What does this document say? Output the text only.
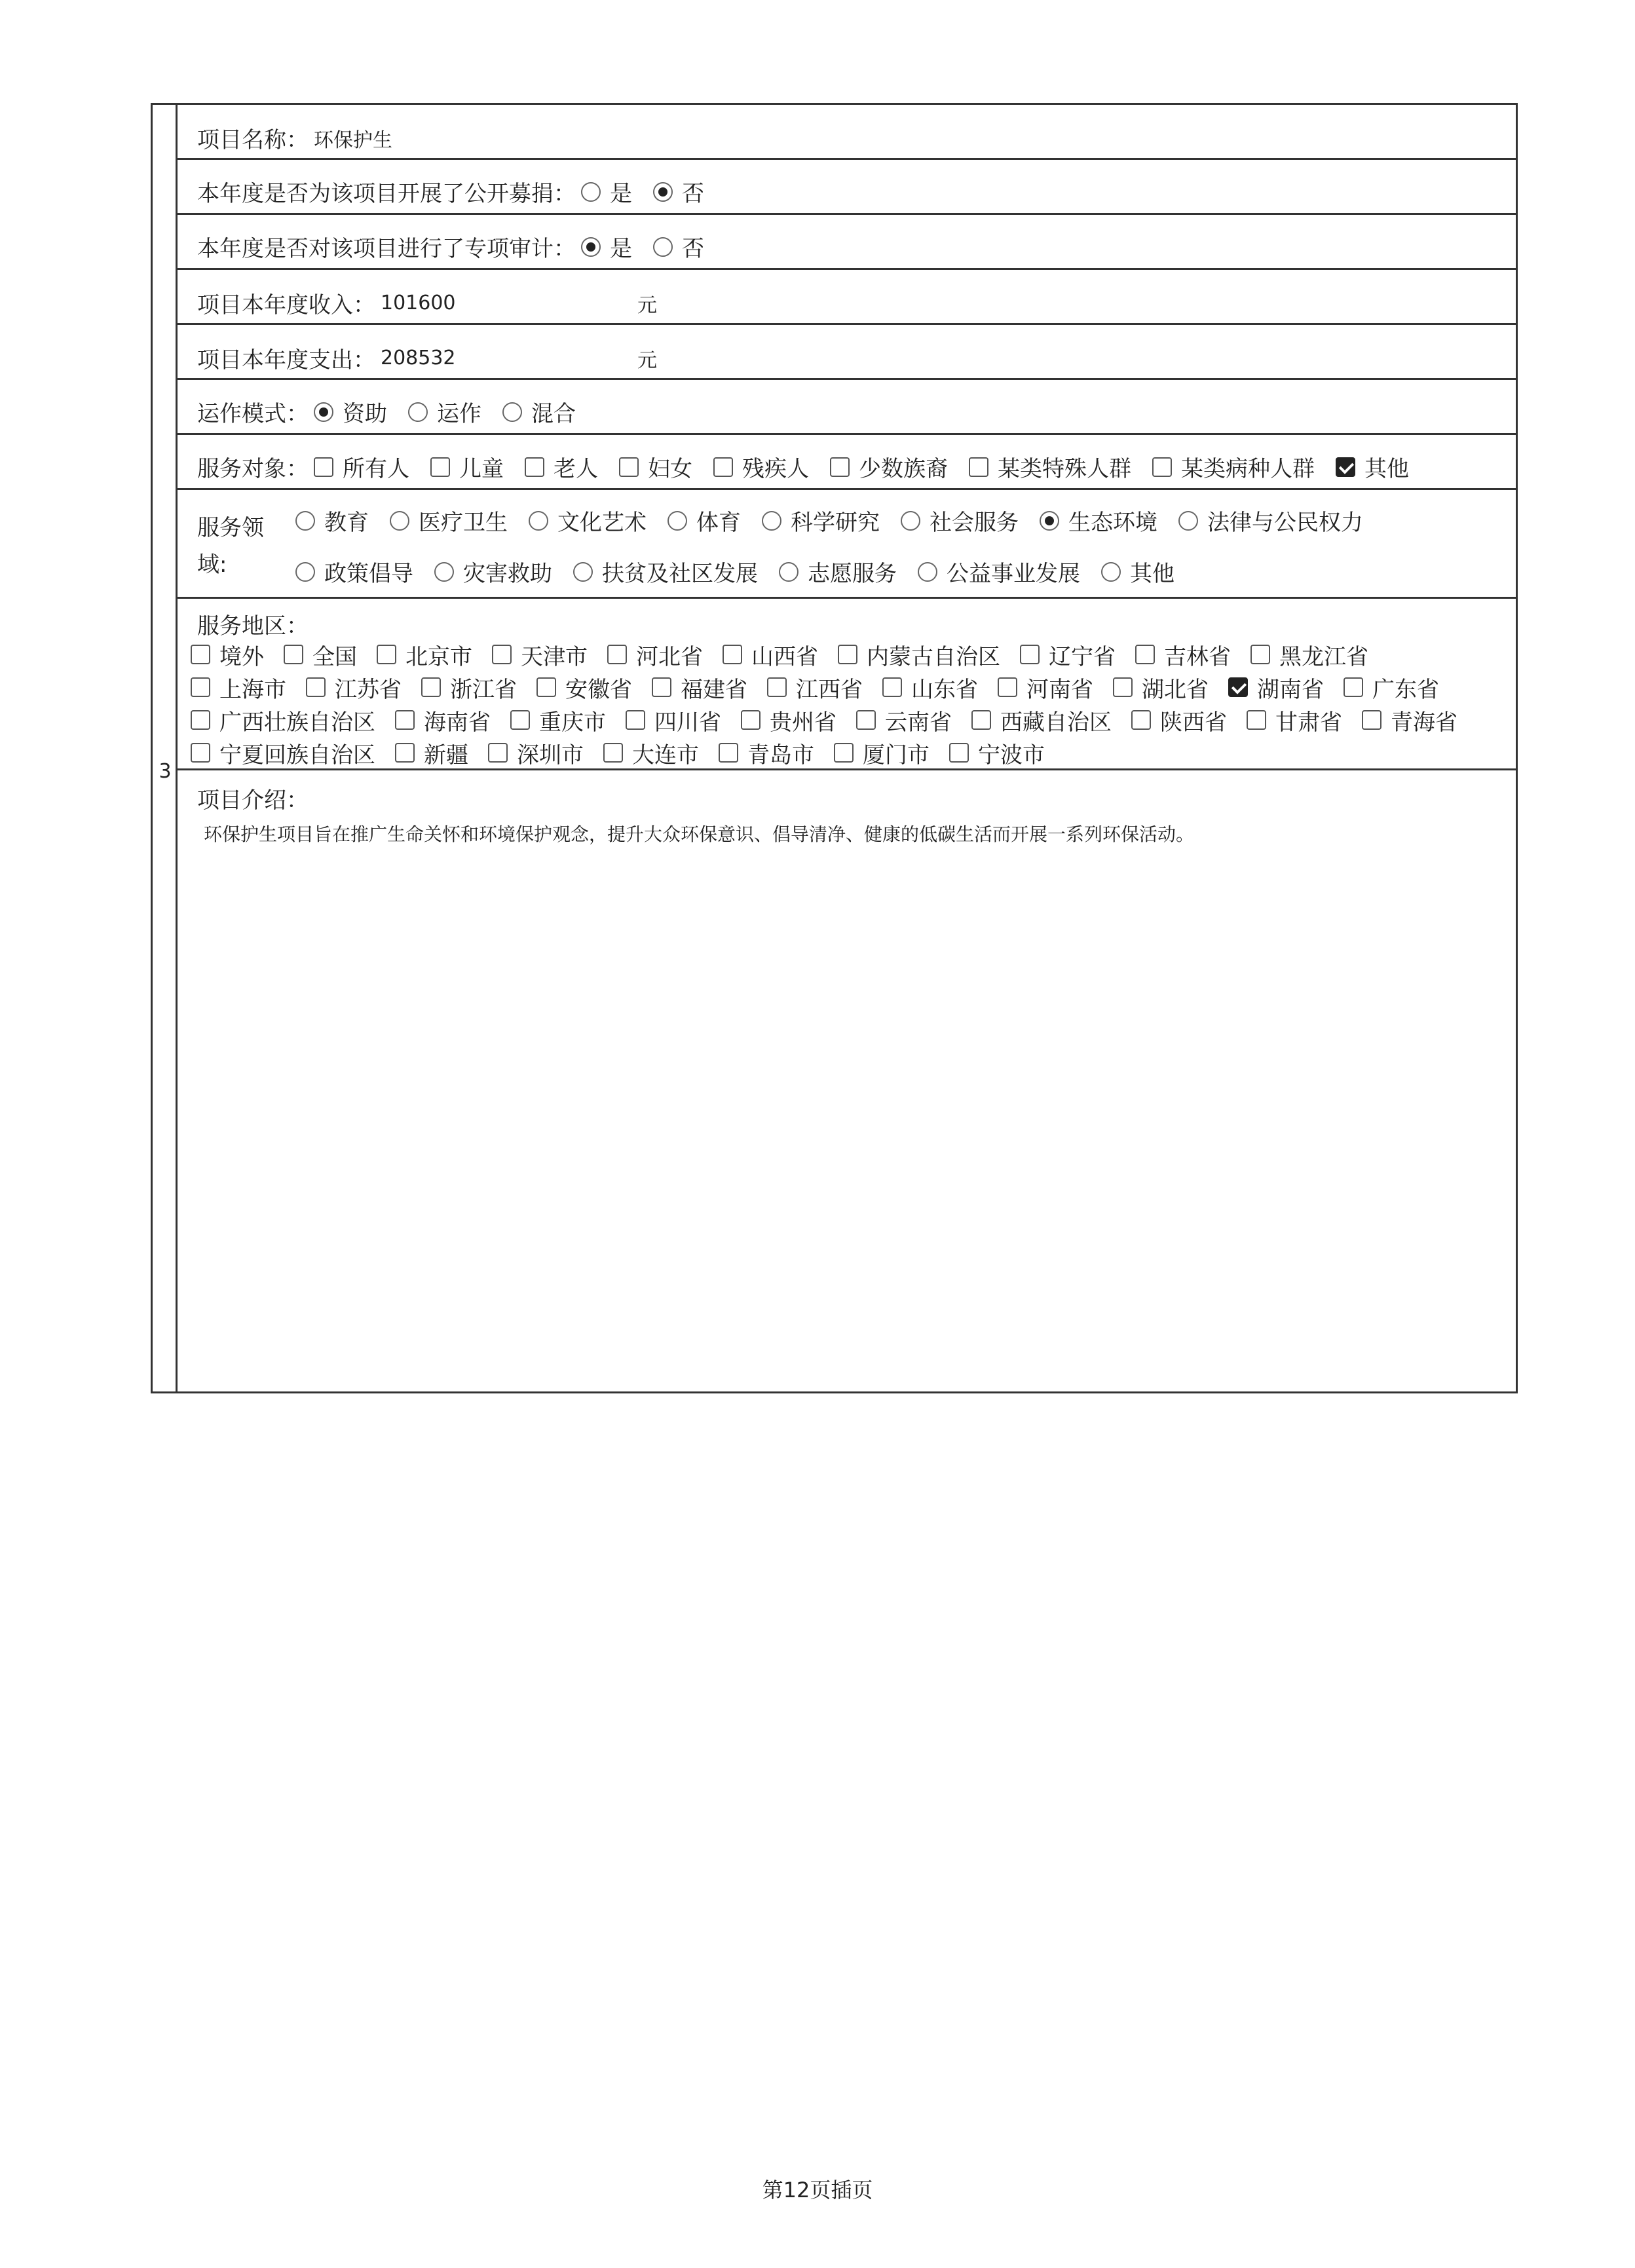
3
项目名称： 环保护生
本年度是否为该项目开展了公开募捐： 是 否
本年度是否对该项目进行了专项审计： 是 否
项目本年度收入： 101600	元
项目本年度支出： 208532	元
运作模式： 资助 运作 混合
服务对象： 所有人 儿童 老人 妇女 残疾人 少数族裔 某类特殊人群 某类病种人群 其他
服务领
域:
教育 医疗卫生 文化艺术 体育 科学研究 社会服务 生态环境 法律与公民权力
政策倡导 灾害救助 扶贫及社区发展 志愿服务 公益事业发展 其他
服务地区：
境外 全国 北京市 天津市 河北省 山西省 内蒙古自治区 辽宁省 吉林省 黑龙江省
上海市 江苏省 浙江省 安徽省 福建省 江西省 山东省 河南省 湖北省 湖南省 广东省
广西壮族自治区 海南省 重庆市 四川省 贵州省 云南省 西藏自治区 陕西省 甘肃省 青海省
宁夏回族自治区 新疆 深圳市 大连市 青岛市 厦门市 宁波市
项目介绍：
环保护生项目旨在推广生命关怀和环境保护观念，提升大众环保意识、倡导清净、健康的低碳生活而开展一系列环保活动。
第12页插页
